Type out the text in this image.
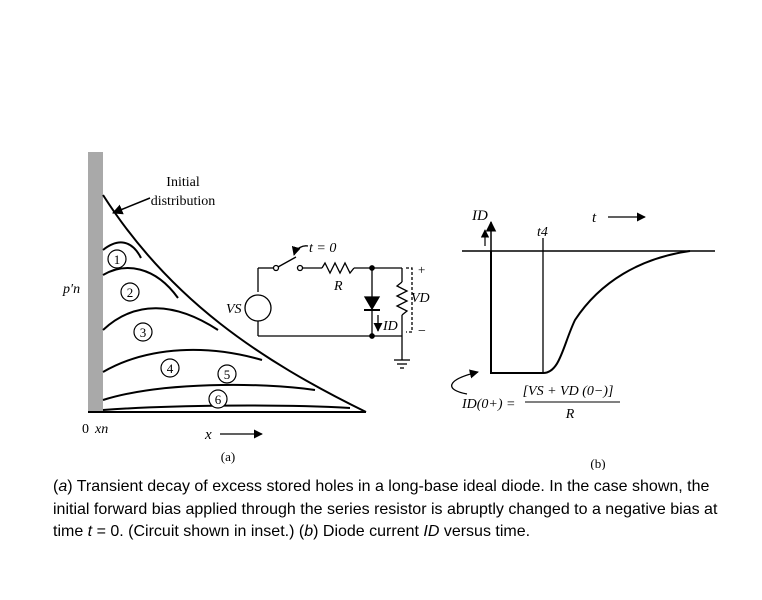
Initial
distribution
1
2
3
4	5
6
p′n
0 xn	x
(a)
t = 0
R
VS
VD
ID
+
−
ID
t4
t
ID(0+) =
[VS + VD (0−)]
R
(b)
(a) Transient decay of excess stored holes in a long-base ideal diode. In the case shown, the initial forward bias applied through the series resistor is abruptly changed to a negative bias at time t = 0. (Circuit shown in inset.) (b) Diode current ID versus time.
